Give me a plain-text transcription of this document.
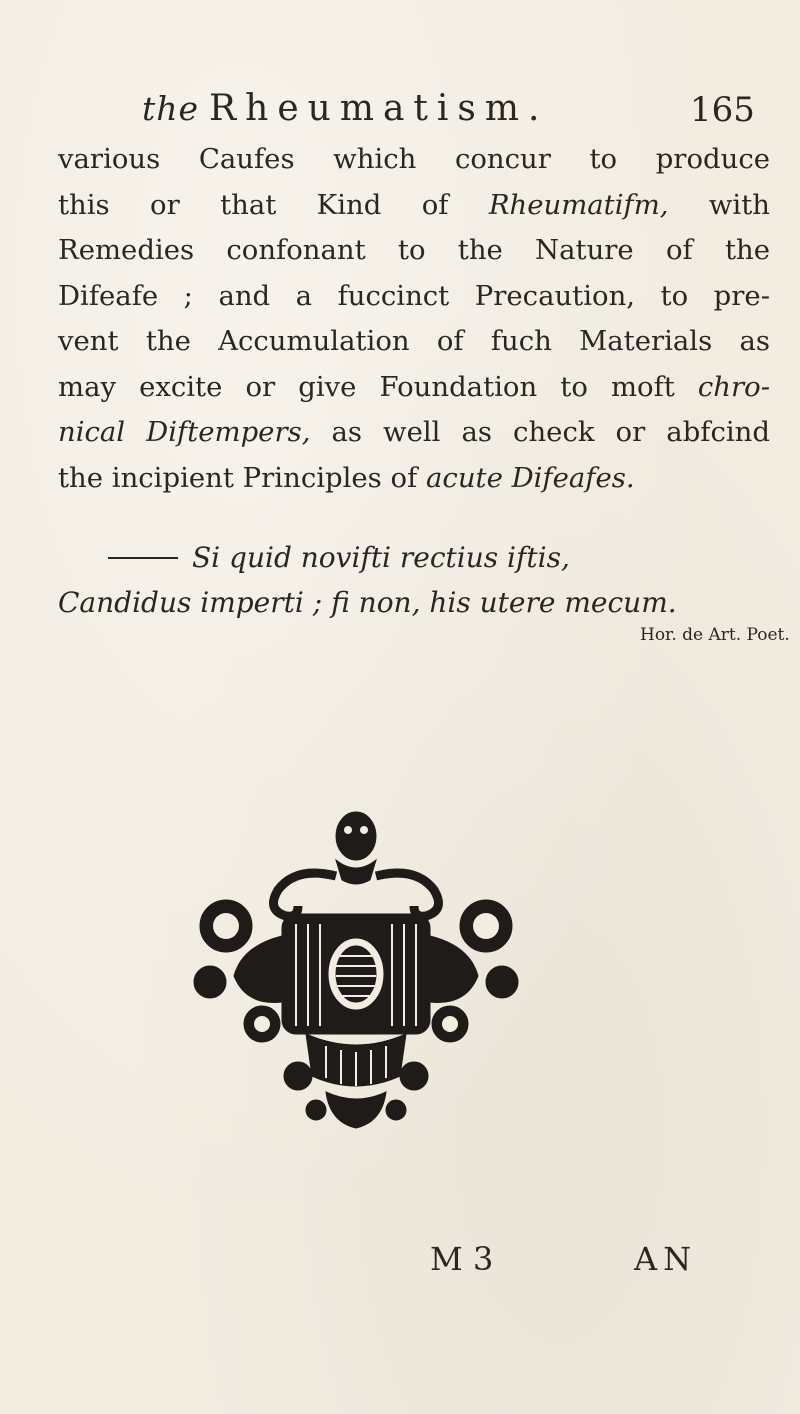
the Rheumatism.	165
various Caufes which concur to produce
this or that Kind of Rheumatifm, with
Remedies confonant to the Nature of the
Difeafe ; and a fuccinct Precaution, to pre-
vent the Accumulation of fuch Materials as
may excite or give Foundation to moft chro-
nical Diftempers, as well as check or abfcind
the incipient Principles of acute Difeafes.
Si quid novifti rectius iftis,
Candidus imperti ; fi non, his utere mecum.
Hor. de Art. Poet.
M 3	AN
